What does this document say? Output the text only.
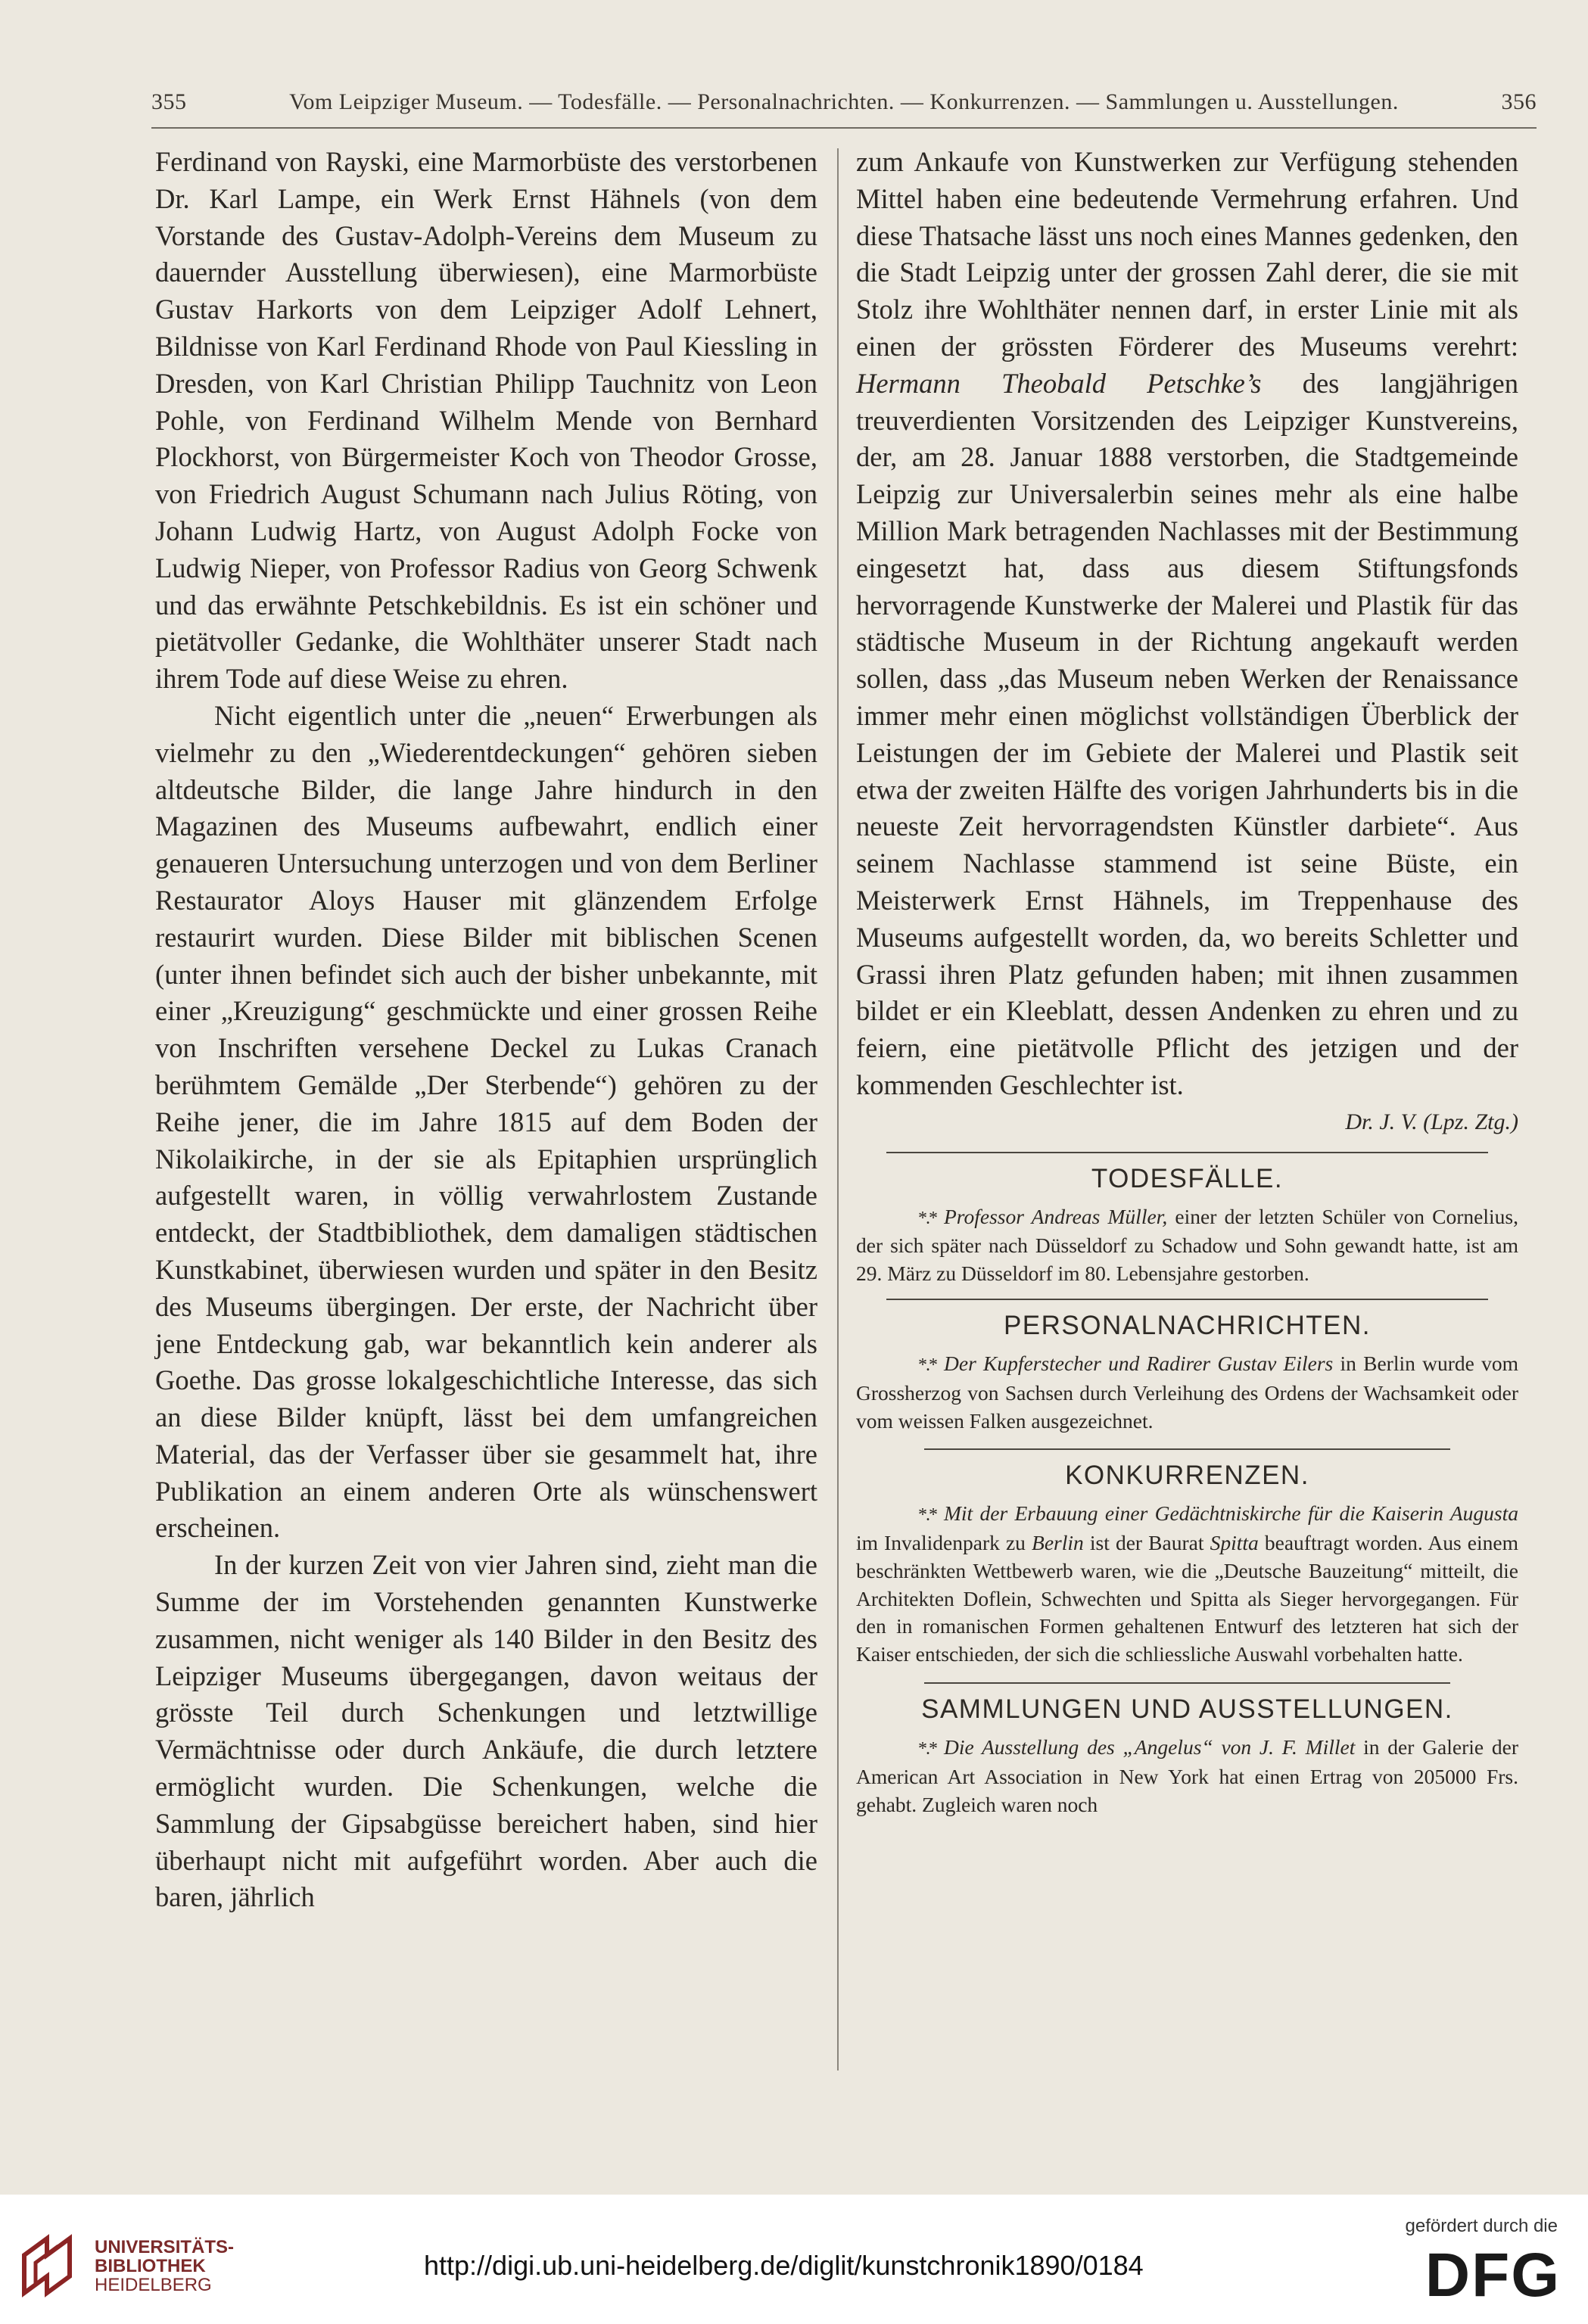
355	Vom Leipziger Museum. — Todesfälle. — Personalnachrichten. — Konkurrenzen. — Sammlungen u. Ausstellungen.	356

Ferdinand von Rayski, eine Marmorbüste des verstorbenen Dr. Karl Lampe, ein Werk Ernst Hähnels (von dem Vorstande des Gustav-Adolph-Vereins dem Museum zu dauernder Ausstellung überwiesen), eine Marmorbüste Gustav Harkorts von dem Leipziger Adolf Lehnert, Bildnisse von Karl Ferdinand Rhode von Paul Kiessling in Dresden, von Karl Christian Philipp Tauchnitz von Leon Pohle, von Ferdinand Wilhelm Mende von Bernhard Plockhorst, von Bürgermeister Koch von Theodor Grosse, von Friedrich August Schumann nach Julius Röting, von Johann Ludwig Hartz, von August Adolph Focke von Ludwig Nieper, von Professor Radius von Georg Schwenk und das erwähnte Petschkebildnis. Es ist ein schöner und pietätvoller Gedanke, die Wohlthäter unserer Stadt nach ihrem Tode auf diese Weise zu ehren.

Nicht eigentlich unter die „neuen“ Erwerbungen als vielmehr zu den „Wiederentdeckungen“ gehören sieben altdeutsche Bilder, die lange Jahre hindurch in den Magazinen des Museums aufbewahrt, endlich einer genaueren Untersuchung unterzogen und von dem Berliner Restaurator Aloys Hauser mit glänzendem Erfolge restaurirt wurden. Diese Bilder mit biblischen Scenen (unter ihnen befindet sich auch der bisher unbekannte, mit einer „Kreuzigung“ geschmückte und einer grossen Reihe von Inschriften versehene Deckel zu Lukas Cranach berühmtem Gemälde „Der Sterbende“) gehören zu der Reihe jener, die im Jahre 1815 auf dem Boden der Nikolaikirche, in der sie als Epitaphien ursprünglich aufgestellt waren, in völlig verwahrlostem Zustande entdeckt, der Stadtbibliothek, dem damaligen städtischen Kunstkabinet, überwiesen wurden und später in den Besitz des Museums übergingen. Der erste, der Nachricht über jene Entdeckung gab, war bekanntlich kein anderer als Goethe. Das grosse lokalgeschichtliche Interesse, das sich an diese Bilder knüpft, lässt bei dem umfangreichen Material, das der Verfasser über sie gesammelt hat, ihre Publikation an einem anderen Orte als wünschenswert erscheinen.

In der kurzen Zeit von vier Jahren sind, zieht man die Summe der im Vorstehenden genannten Kunstwerke zusammen, nicht weniger als 140 Bilder in den Besitz des Leipziger Museums übergegangen, davon weitaus der grösste Teil durch Schenkungen und letztwillige Vermächtnisse oder durch Ankäufe, die durch letztere ermöglicht wurden. Die Schenkungen, welche die Sammlung der Gipsabgüsse bereichert haben, sind hier überhaupt nicht mit aufgeführt worden. Aber auch die baren, jährlich

zum Ankaufe von Kunstwerken zur Verfügung stehenden Mittel haben eine bedeutende Vermehrung erfahren. Und diese Thatsache lässt uns noch eines Mannes gedenken, den die Stadt Leipzig unter der grossen Zahl derer, die sie mit Stolz ihre Wohlthäter nennen darf, in erster Linie mit als einen der grössten Förderer des Museums verehrt: Hermann Theobald Petschke’s des langjährigen treuverdienten Vorsitzenden des Leipziger Kunstvereins, der, am 28. Januar 1888 verstorben, die Stadtgemeinde Leipzig zur Universalerbin seines mehr als eine halbe Million Mark betragenden Nachlasses mit der Bestimmung eingesetzt hat, dass aus diesem Stiftungsfonds hervorragende Kunstwerke der Malerei und Plastik für das städtische Museum in der Richtung angekauft werden sollen, dass „das Museum neben Werken der Renaissance immer mehr einen möglichst vollständigen Überblick der Leistungen der im Gebiete der Malerei und Plastik seit etwa der zweiten Hälfte des vorigen Jahrhunderts bis in die neueste Zeit hervorragendsten Künstler darbiete“. Aus seinem Nachlasse stammend ist seine Büste, ein Meisterwerk Ernst Hähnels, im Treppenhause des Museums aufgestellt worden, da, wo bereits Schletter und Grassi ihren Platz gefunden haben; mit ihnen zusammen bildet er ein Kleeblatt, dessen Andenken zu ehren und zu feiern, eine pietätvolle Pflicht des jetzigen und der kommenden Geschlechter ist.

Dr. J. V. (Lpz. Ztg.)
TODESFÄLLE.

*.* Professor Andreas Müller, einer der letzten Schüler von Cornelius, der sich später nach Düsseldorf zu Schadow und Sohn gewandt hatte, ist am 29. März zu Düsseldorf im 80. Lebensjahre gestorben.

PERSONALNACHRICHTEN.

*.* Der Kupferstecher und Radirer Gustav Eilers in Berlin wurde vom Grossherzog von Sachsen durch Verleihung des Ordens der Wachsamkeit oder vom weissen Falken ausgezeichnet.

KONKURRENZEN.

*.* Mit der Erbauung einer Gedächtniskirche für die Kaiserin Augusta im Invalidenpark zu Berlin ist der Baurat Spitta beauftragt worden. Aus einem beschränkten Wettbewerb waren, wie die „Deutsche Bauzeitung“ mitteilt, die Architekten Doflein, Schwechten und Spitta als Sieger hervorgegangen. Für den in romanischen Formen gehaltenen Entwurf des letzteren hat sich der Kaiser entschieden, der sich die schliessliche Auswahl vorbehalten hatte.

SAMMLUNGEN UND AUSSTELLUNGEN.

*.* Die Ausstellung des „Angelus“ von J. F. Millet in der Galerie der American Art Association in New York hat einen Ertrag von 205000 Frs. gehabt. Zugleich waren noch

UNIVERSITÄTS-
BIBLIOTHEK
HEIDELBERG
http://digi.ub.uni-heidelberg.de/diglit/kunstchronik1890/0184
gefördert durch die
DFG
